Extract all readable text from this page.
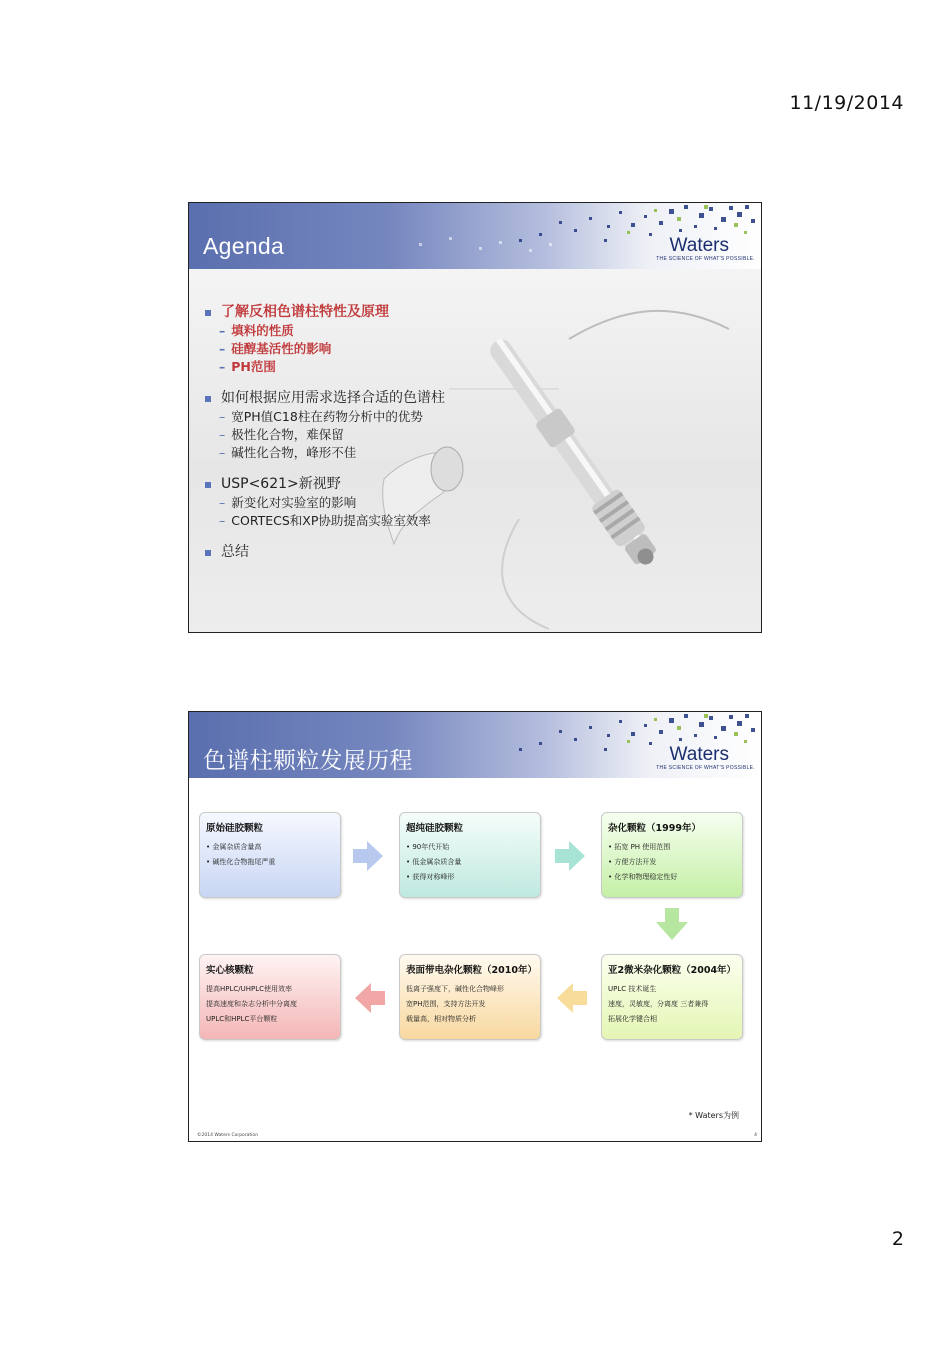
11/19/2014
Agenda	Waters
THE SCIENCE OF WHAT'S POSSIBLE.
了解反相色谱柱特性及原理
– 填料的性质
– 硅醇基活性的影响
– PH范围
如何根据应用需求选择合适的色谱柱
– 宽PH值C18柱在药物分析中的优势
– 极性化合物，难保留
– 碱性化合物，峰形不佳
USP<621>新视野
– 新变化对实验室的影响
– CORTECS和XP协助提高实验室效率
总结
色谱柱颗粒发展历程	Waters
THE SCIENCE OF WHAT'S POSSIBLE.
原始硅胶颗粒
• 金属杂质含量高
• 碱性化合物拖尾严重
超纯硅胶颗粒
• 90年代开始
• 低金属杂质含量
• 获得对称峰形
杂化颗粒（1999年）
• 拓宽 PH 使用范围
• 方便方法开发
• 化学和物理稳定性好
实心核颗粒
提高HPLC/UHPLC使用效率
提高速度和杂志分析中分离度
UPLC和HPLC平台颗粒
表面带电杂化颗粒（2010年）
低离子强度下，碱性化合物峰形
宽PH范围，支持方法开发
载量高，相对物质分析
亚2微米杂化颗粒（2004年）
UPLC 技术诞生
速度，灵敏度，分离度 三者兼得
拓展化学键合相
* Waters为例
©2014 Waters Corporation	4
2
